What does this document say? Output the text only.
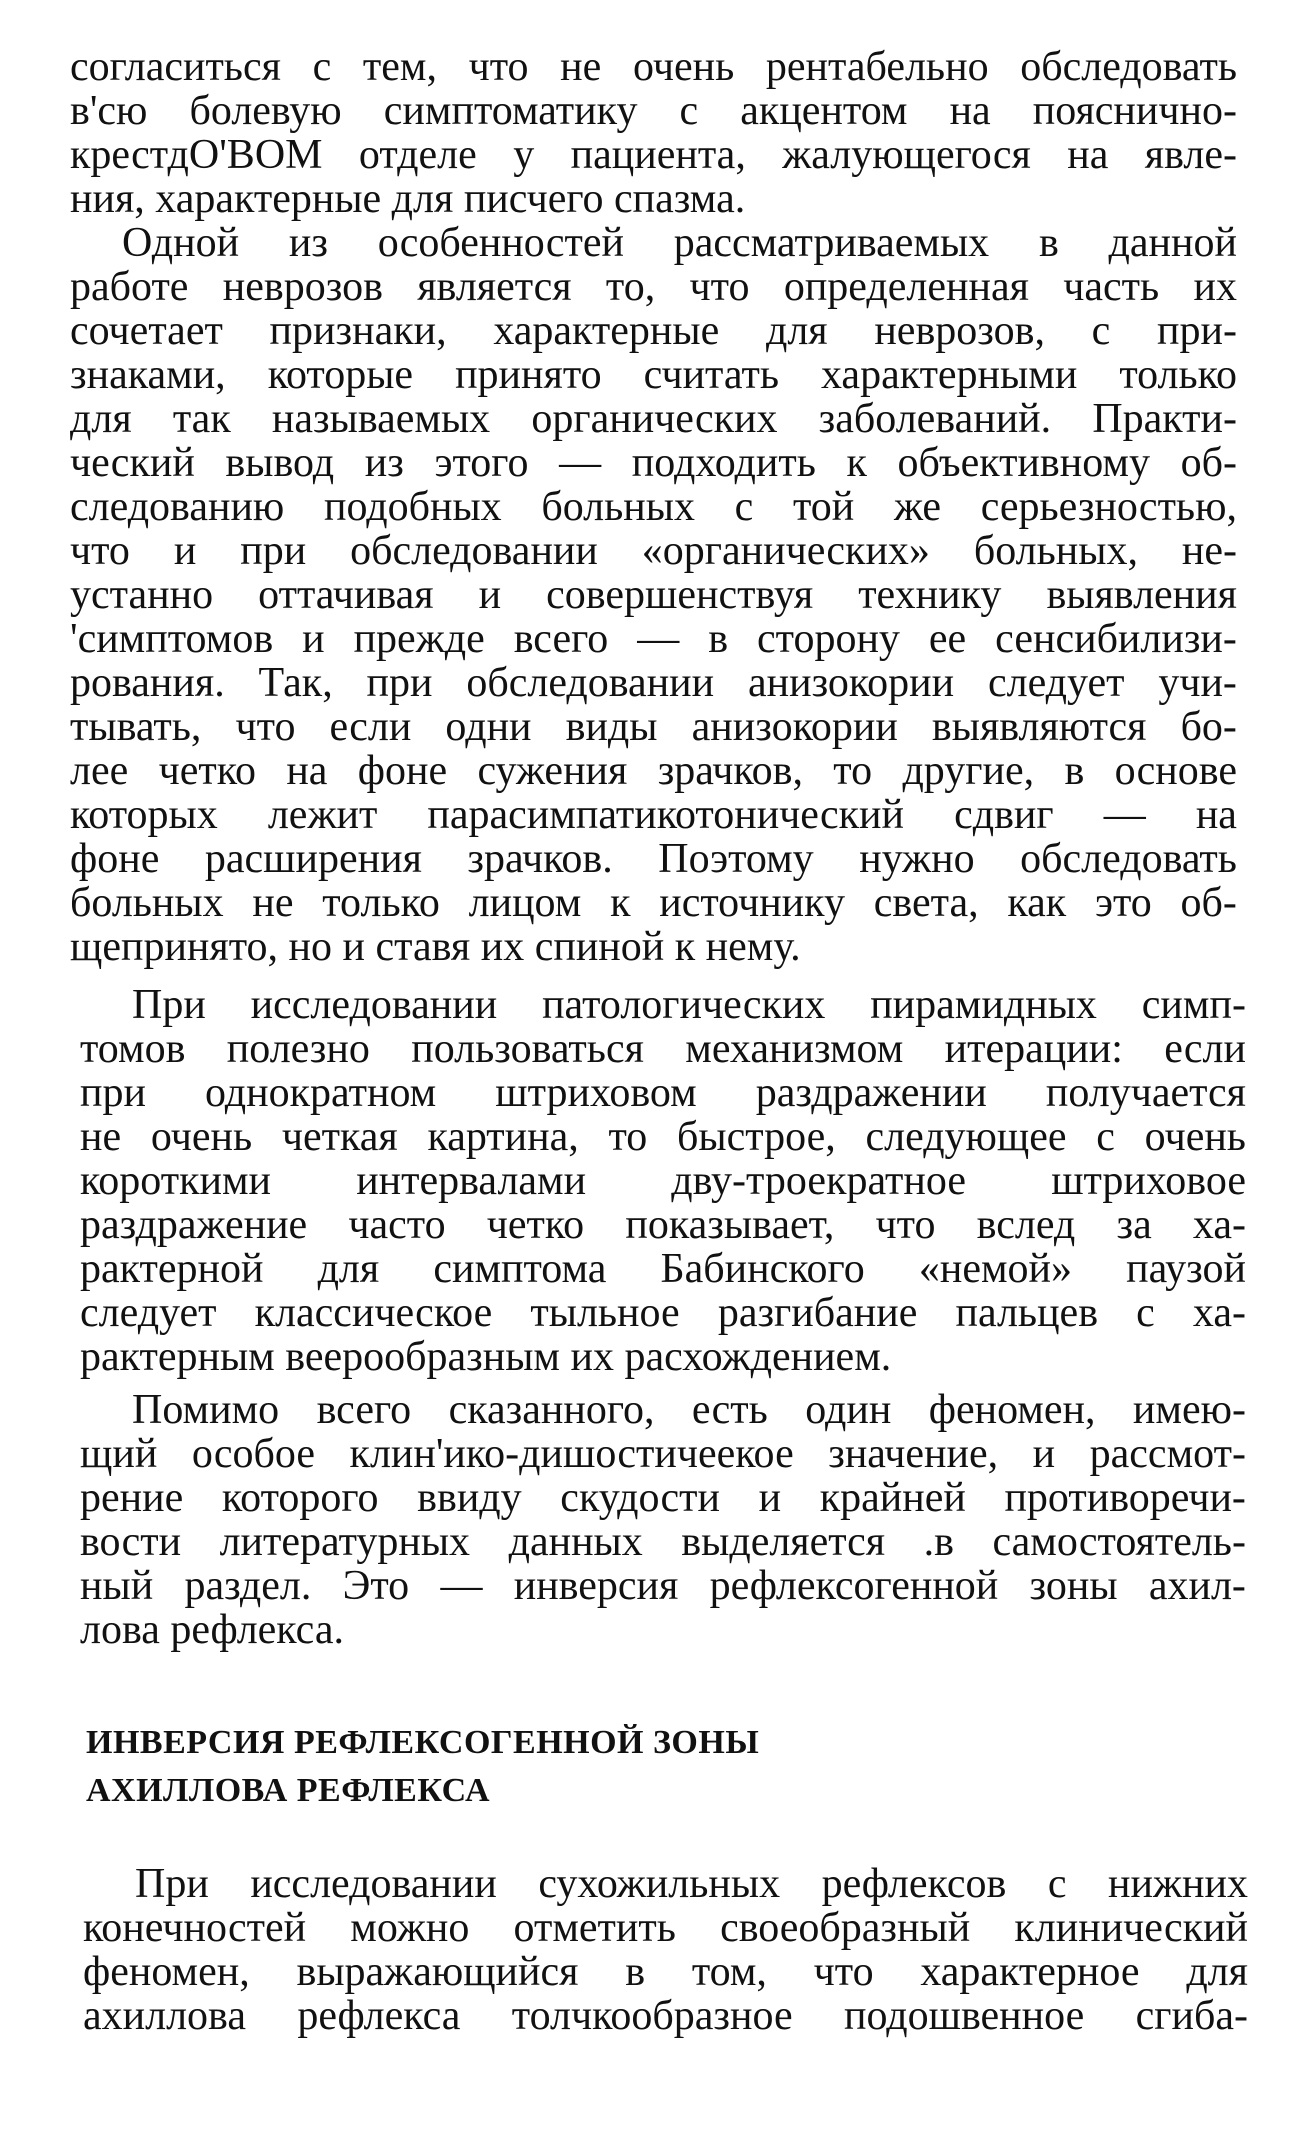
согласиться с тем, что не очень рентабельно обследовать
в'сю болевую симптоматику с акцентом на пояснично-
крестдО'ВОМ отделе у пациента, жалующегося на явле-
ния, характерные для писчего спазма.
Одной из особенностей рассматриваемых в данной
работе неврозов является то, что определенная часть их
сочетает признаки, характерные для неврозов, с при-
знаками, которые принято считать характерными только
для так называемых органических заболеваний. Практи-
ческий вывод из этого — подходить к объективному об-
следованию подобных больных с той же серьезностью,
что и при обследовании «органических» больных, не-
устанно оттачивая и совершенствуя технику выявления
'симптомов и прежде всего — в сторону ее сенсибилизи-
рования. Так, при обследовании анизокории следует учи-
тывать, что если одни виды анизокории выявляются бо-
лее четко на фоне сужения зрачков, то другие, в основе
которых лежит парасимпатикотонический сдвиг — на
фоне расширения зрачков. Поэтому нужно обследовать
больных не только лицом к источнику света, как это об-
щепринято, но и ставя их спиной к нему.
При исследовании патологических пирамидных симп-
томов полезно пользоваться механизмом итерации: если
при однократном штриховом раздражении получается
не очень четкая картина, то быстрое, следующее с очень
короткими интервалами дву-троекратное штриховое
раздражение часто четко показывает, что вслед за ха-
рактерной для симптома Бабинского «немой» паузой
следует классическое тыльное разгибание пальцев с ха-
рактерным веерообразным их расхождением.
Помимо всего сказанного, есть один феномен, имею-
щий особое клин'ико-дишостичеекое значение, и рассмот-
рение которого ввиду скудости и крайней противоречи-
вости литературных данных выделяется .в самостоятель-
ный раздел. Это — инверсия рефлексогенной зоны ахил-
лова рефлекса.
ИНВЕРСИЯ РЕФЛЕКСОГЕННОЙ ЗОНЫ
АХИЛЛОВА РЕФЛЕКСА
При исследовании сухожильных рефлексов с нижних
конечностей можно отметить своеобразный клинический
феномен, выражающийся в том, что характерное для
ахиллова рефлекса толчкообразное подошвенное сгиба-
